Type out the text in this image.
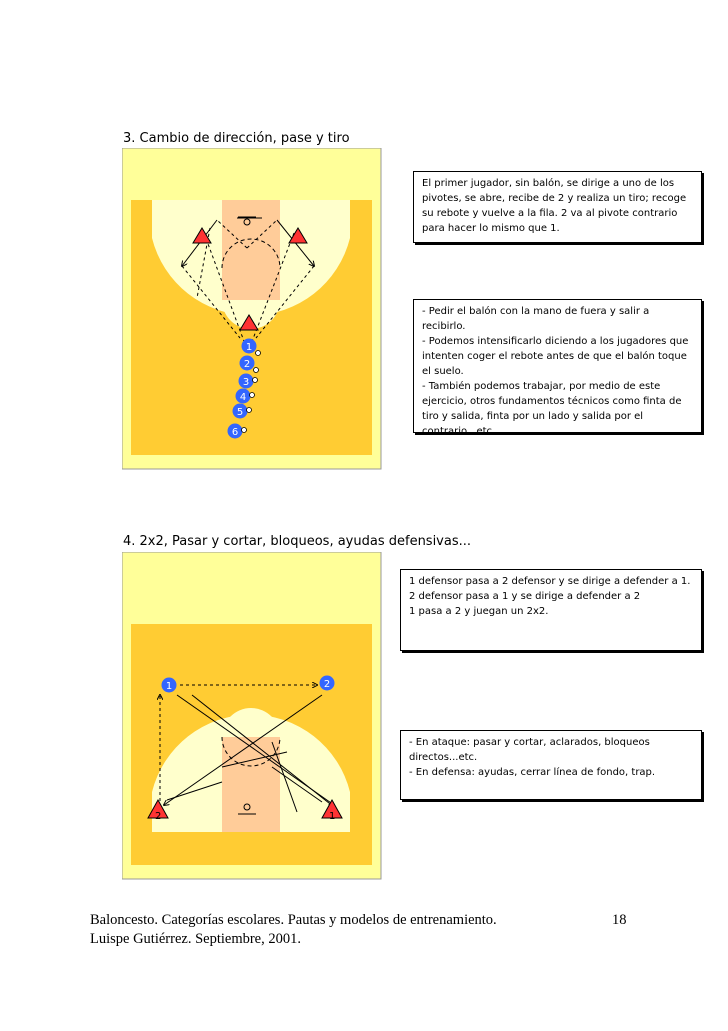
3. Cambio de dirección, pase y tiro
1
2
3
4
5
6

El primer jugador, sin balón, se dirige a uno de los pivotes, se abre, recibe de 2 y realiza un tiro; recoge su rebote y vuelve a la fila. 2 va al pivote contrario para hacer lo mismo que 1.

- Pedir el balón con la mano de fuera y salir a recibirlo.

- Podemos intensificarlo diciendo a los jugadores que intenten coger el rebote antes de que el balón toque el suelo.

- También podemos trabajar, por medio de este ejercicio, otros fundamentos técnicos como finta de tiro y salida, finta por un lado y salida por el contrario...etc.

4. 2x2, Pasar y cortar, bloqueos, ayudas defensivas...
1	2
2	1

1 defensor pasa a 2 defensor y se dirige a defender a 1.

2 defensor pasa a 1 y se dirige a defender a 2

1 pasa a 2 y juegan un 2x2.

- En ataque: pasar y cortar, aclarados, bloqueos directos...etc.

- En defensa: ayudas, cerrar línea de fondo, trap.

Baloncesto. Categorías escolares. Pautas y modelos de entrenamiento.	18
Luispe Gutiérrez. Septiembre, 2001.
